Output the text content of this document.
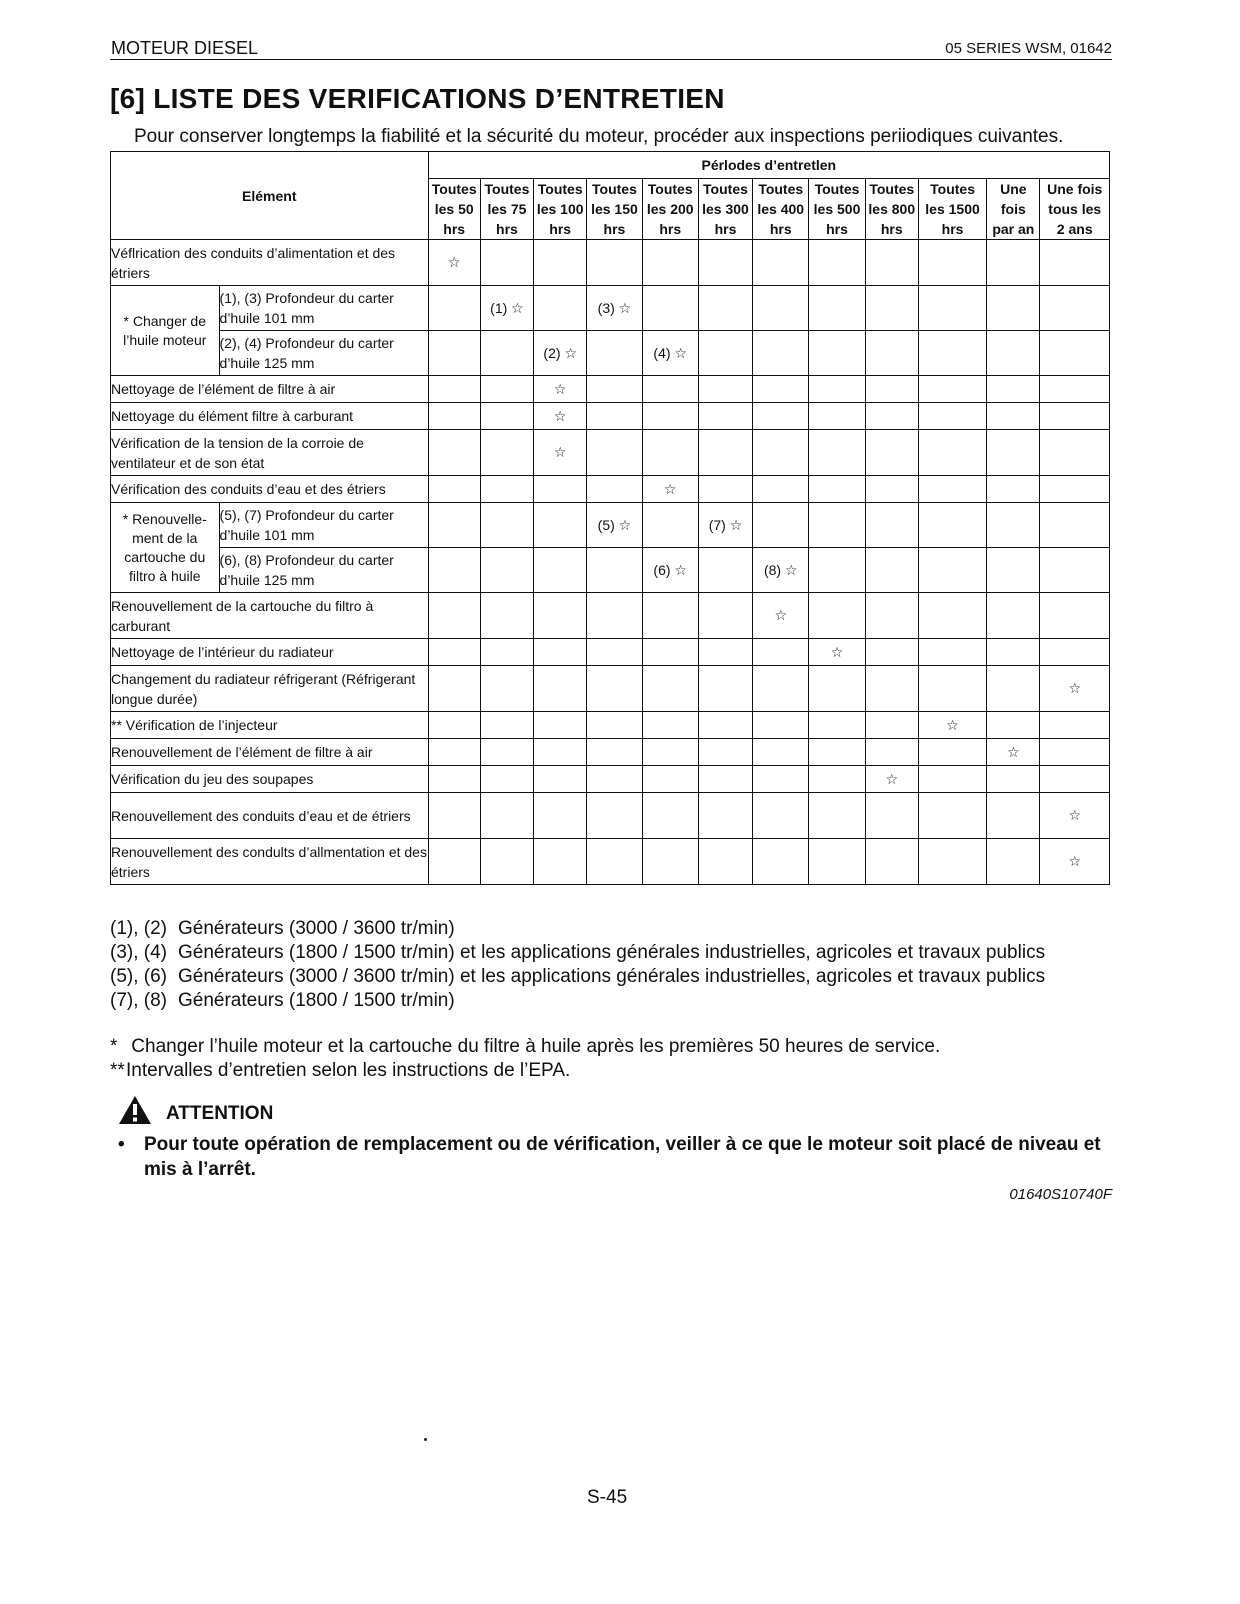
MOTEUR DIESEL	05 SERIES WSM, 01642
[6] LISTE DES VERIFICATIONS D’ENTRETIEN

Pour conserver longtemps la fiabilité et la sécurité du moteur, procéder aux inspections periiodiques cuivantes.

Elément		Pérlodes d’entretlen											
		Toutes
les 50
hrs	Toutes
les 75
hrs	Toutes
les 100
hrs	Toutes
les 150
hrs	Toutes
les 200
hrs	Toutes
les 300
hrs	Toutes
les 400
hrs	Toutes
les 500
hrs	Toutes
les 800
hrs	Toutes
les 1500
hrs	Une
fois
par an	Une fois
tous les
2 ans
Véflrication des conduits d’alimentation et des étriers		☆											
* Changer de l’huile moteur	(1), (3) Profondeur du carter d’huile 101 mm		(1) ☆		(3) ☆								
	(2), (4) Profondeur du carter d’huile 125 mm			(2) ☆		(4) ☆							
Nettoyage de l’élément de filtre à air				☆									
Nettoyage du élément filtre à carburant				☆									
Vérification de la tension de la corroie de ventilateur et de son état				☆									
Vérification des conduits d’eau et des étriers						☆							
* Renouvelle-ment de la cartouche du filtro à huile	(5), (7) Profondeur du carter d’huile 101 mm				(5) ☆		(7) ☆						
	(6), (8) Profondeur du carter d’huile 125 mm					(6) ☆		(8) ☆					
Renouvellement de la cartouche du filtro à carburant								☆					
Nettoyage de l’intérieur du radiateur									☆				
Changement du radiateur réfrigerant (Réfrigerant longue durée)													☆
** Vérification de l’injecteur											☆		
Renouvellement de l’élément de filtre à air												☆	
Vérification du jeu des soupapes										☆			
Renouvellement des conduits d’eau et de étriers													☆
Renouvellement des condults d’allmentation et des étriers													☆
(1), (2) Générateurs (3000 / 3600 tr/min)
(3), (4) Générateurs (1800 / 1500 tr/min) et les applications générales industrielles, agricoles et travaux publics
(5), (6) Générateurs (3000 / 3600 tr/min) et les applications générales industrielles, agricoles et travaux publics
(7), (8) Générateurs (1800 / 1500 tr/min)
* Changer l’huile moteur et la cartouche du filtre à huile après les premières 50 heures de service.
**Intervalles d’entretien selon les instructions de l’EPA.
ATTENTION
• Pour toute opération de remplacement ou de vérification, veiller à ce que le moteur soit placé de niveau et mis à l’arrêt.
01640S10740F
S-45
